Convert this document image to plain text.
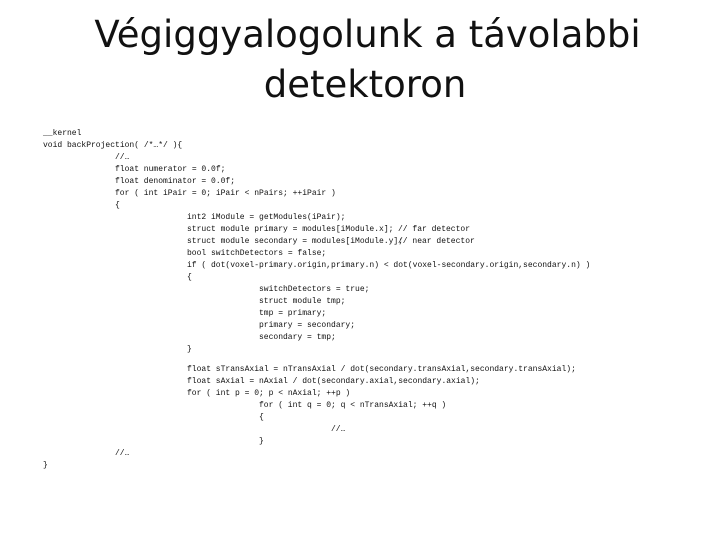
Végiggyalogolunk a távolabbi
detektoron
__kernel
void backProjection( /*…*/ ){
//…
float numerator = 0.0f;
float denominator = 0.0f;
for ( int iPair = 0; iPair < nPairs; ++iPair )
{
int2 iModule = getModules(iPair);
struct module primary = modules[iModule.x]; // far detector
struct module secondary = modules[iModule.y];
// near detector
bool switchDetectors = false;
if ( dot(voxel-primary.origin,primary.n) < dot(voxel-secondary.origin,secondary.n) )
{
switchDetectors = true;
struct module tmp;
tmp = primary;
primary = secondary;
secondary = tmp;
}
float sTransAxial = nTransAxial / dot(secondary.transAxial,secondary.transAxial);
float sAxial = nAxial / dot(secondary.axial,secondary.axial);
for ( int p = 0; p < nAxial; ++p )
for ( int q = 0; q < nTransAxial; ++q )
{
//…
}
//…
}
